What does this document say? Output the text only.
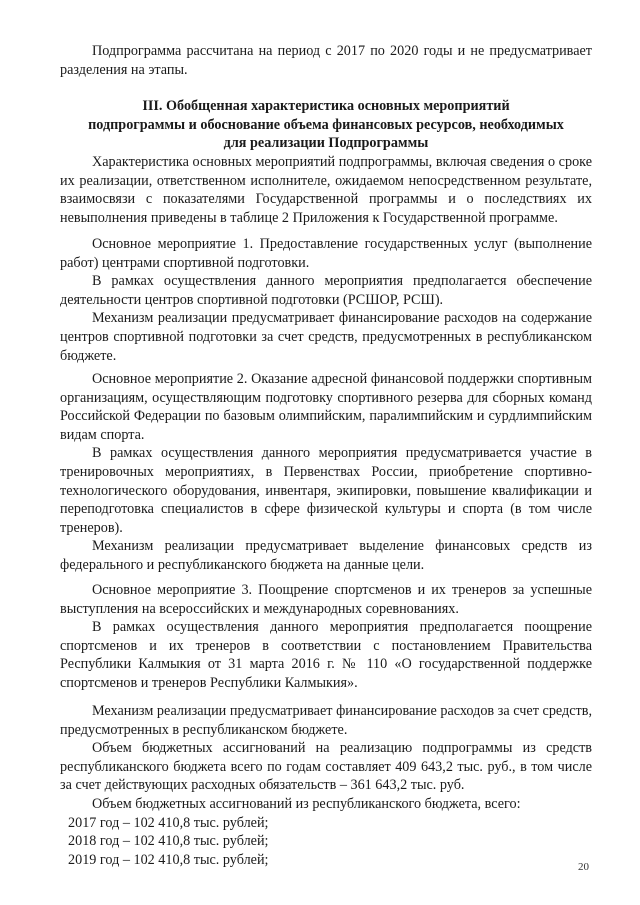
Подпрограмма рассчитана на период с 2017 по 2020 годы и не предусматривает разделения на этапы.

III. Обобщенная характеристика основных мероприятий
подпрограммы и обоснование объема финансовых ресурсов, необходимых
для реализации Подпрограммы

Характеристика основных мероприятий подпрограммы, включая сведения о сроке их реализации, ответственном исполнителе, ожидаемом непосредственном результате, взаимосвязи с показателями Государственной программы и о последствиях их невыполнения приведены в таблице 2 Приложения к Государственной программе.

Основное мероприятие 1. Предоставление государственных услуг (выполнение работ) центрами спортивной подготовки.

В рамках осуществления данного мероприятия предполагается обеспечение деятельности центров спортивной подготовки (РСШОР, РСШ).

Механизм реализации предусматривает финансирование расходов на содержание центров спортивной подготовки за счет средств, предусмотренных в республиканском бюджете.

Основное мероприятие 2. Оказание адресной финансовой поддержки спортивным организациям, осуществляющим подготовку спортивного резерва для сборных команд Российской Федерации по базовым олимпийским, паралимпийским и сурдлимпийским видам спорта.

В рамках осуществления данного мероприятия предусматривается участие в тренировочных мероприятиях, в Первенствах России, приобретение спортивно-технологического оборудования, инвентаря, экипировки, повышение квалификации и переподготовка специалистов в сфере физической культуры и спорта (в том числе тренеров).

Механизм реализации предусматривает выделение финансовых средств из федерального и республиканского бюджета на данные цели.

Основное мероприятие 3. Поощрение спортсменов и их тренеров за успешные выступления на всероссийских и международных соревнованиях.

В рамках осуществления данного мероприятия предполагается поощрение спортсменов и их тренеров в соответствии с постановлением Правительства Республики Калмыкия от 31 марта 2016 г. № 110 «О государственной поддержке спортсменов и тренеров Республики Калмыкия».

Механизм реализации предусматривает финансирование расходов за счет средств, предусмотренных в республиканском бюджете.

Объем бюджетных ассигнований на реализацию подпрограммы из средств республиканского бюджета всего по годам составляет 409 643,2 тыс. руб., в том числе за счет действующих расходных обязательств – 361 643,2 тыс. руб.

Объем бюджетных ассигнований из республиканского бюджета, всего:

2017 год – 102 410,8 тыс. рублей;
2018 год – 102 410,8 тыс. рублей;
2019 год – 102 410,8 тыс. рублей;	20
